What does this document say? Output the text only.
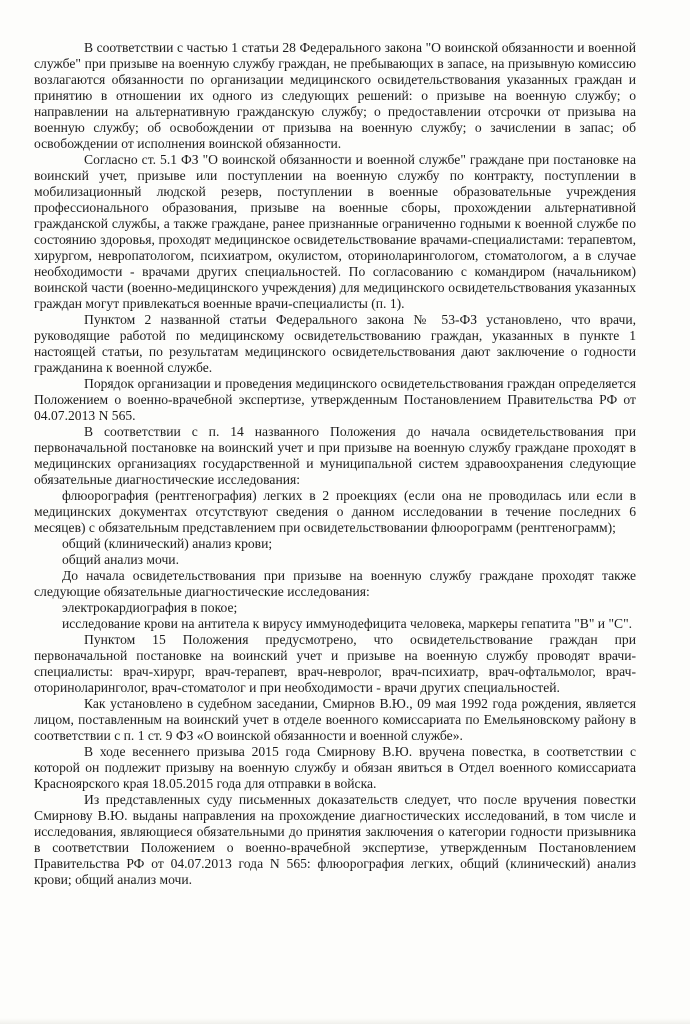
В соответствии с частью 1 статьи 28 Федерального закона "О воинской обязанности и военной службе" при призыве на военную службу граждан, не пребывающих в запасе, на призывную комиссию возлагаются обязанности по организации медицинского освидетельствования указанных граждан и принятию в отношении их одного из следующих решений: о призыве на военную службу; о направлении на альтернативную гражданскую службу; о предоставлении отсрочки от призыва на военную службу; об освобождении от призыва на военную службу; о зачислении в запас; об освобождении от исполнения воинской обязанности.

Согласно ст. 5.1 ФЗ "О воинской обязанности и военной службе" граждане при постановке на воинский учет, призыве или поступлении на военную службу по контракту, поступлении в мобилизационный людской резерв, поступлении в военные образовательные учреждения профессионального образования, призыве на военные сборы, прохождении альтернативной гражданской службы, а также граждане, ранее признанные ограниченно годными к военной службе по состоянию здоровья, проходят медицинское освидетельствование врачами-специалистами: терапевтом, хирургом, невропатологом, психиатром, окулистом, оториноларингологом, стоматологом, а в случае необходимости - врачами других специальностей. По согласованию с командиром (начальником) воинской части (военно-медицинского учреждения) для медицинского освидетельствования указанных граждан могут привлекаться военные врачи-специалисты (п. 1).

Пунктом 2 названной статьи Федерального закона № 53-ФЗ установлено, что врачи, руководящие работой по медицинскому освидетельствованию граждан, указанных в пункте 1 настоящей статьи, по результатам медицинского освидетельствования дают заключение о годности гражданина к военной службе.

Порядок организации и проведения медицинского освидетельствования граждан определяется Положением о военно-врачебной экспертизе, утвержденным Постановлением Правительства РФ от 04.07.2013 N 565.

В соответствии с п. 14 названного Положения до начала освидетельствования при первоначальной постановке на воинский учет и при призыве на военную службу граждане проходят в медицинских организациях государственной и муниципальной систем здравоохранения следующие обязательные диагностические исследования:

флюорография (рентгенография) легких в 2 проекциях (если она не проводилась или если в медицинских документах отсутствуют сведения о данном исследовании в течение последних 6 месяцев) с обязательным представлением при освидетельствовании флюорограмм (рентгенограмм);

общий (клинический) анализ крови;

общий анализ мочи.

До начала освидетельствования при призыве на военную службу граждане проходят также следующие обязательные диагностические исследования:

электрокардиография в покое;

исследование крови на антитела к вирусу иммунодефицита человека, маркеры гепатита "В" и "С".

Пунктом 15 Положения предусмотрено, что освидетельствование граждан при первоначальной постановке на воинский учет и призыве на военную службу проводят врачи-специалисты: врач-хирург, врач-терапевт, врач-невролог, врач-психиатр, врач-офтальмолог, врач-оториноларинголог, врач-стоматолог и при необходимости - врачи других специальностей.

Как установлено в судебном заседании, Смирнов В.Ю., 09 мая 1992 года рождения, является лицом, поставленным на воинский учет в отделе военного комиссариата по Емельяновскому району в соответствии с п. 1 ст. 9 ФЗ «О воинской обязанности и военной службе».

В ходе весеннего призыва 2015 года Смирнову В.Ю. вручена повестка, в соответствии с которой он подлежит призыву на военную службу и обязан явиться в Отдел военного комиссариата Красноярского края 18.05.2015 года для отправки в войска.

Из представленных суду письменных доказательств следует, что после вручения повестки Смирнову В.Ю. выданы направления на прохождение диагностических исследований, в том числе и исследования, являющиеся обязательными до принятия заключения о категории годности призывника в соответствии Положением о военно-врачебной экспертизе, утвержденным Постановлением Правительства РФ от 04.07.2013 года N 565: флюорография легких, общий (клинический) анализ крови; общий анализ мочи.
